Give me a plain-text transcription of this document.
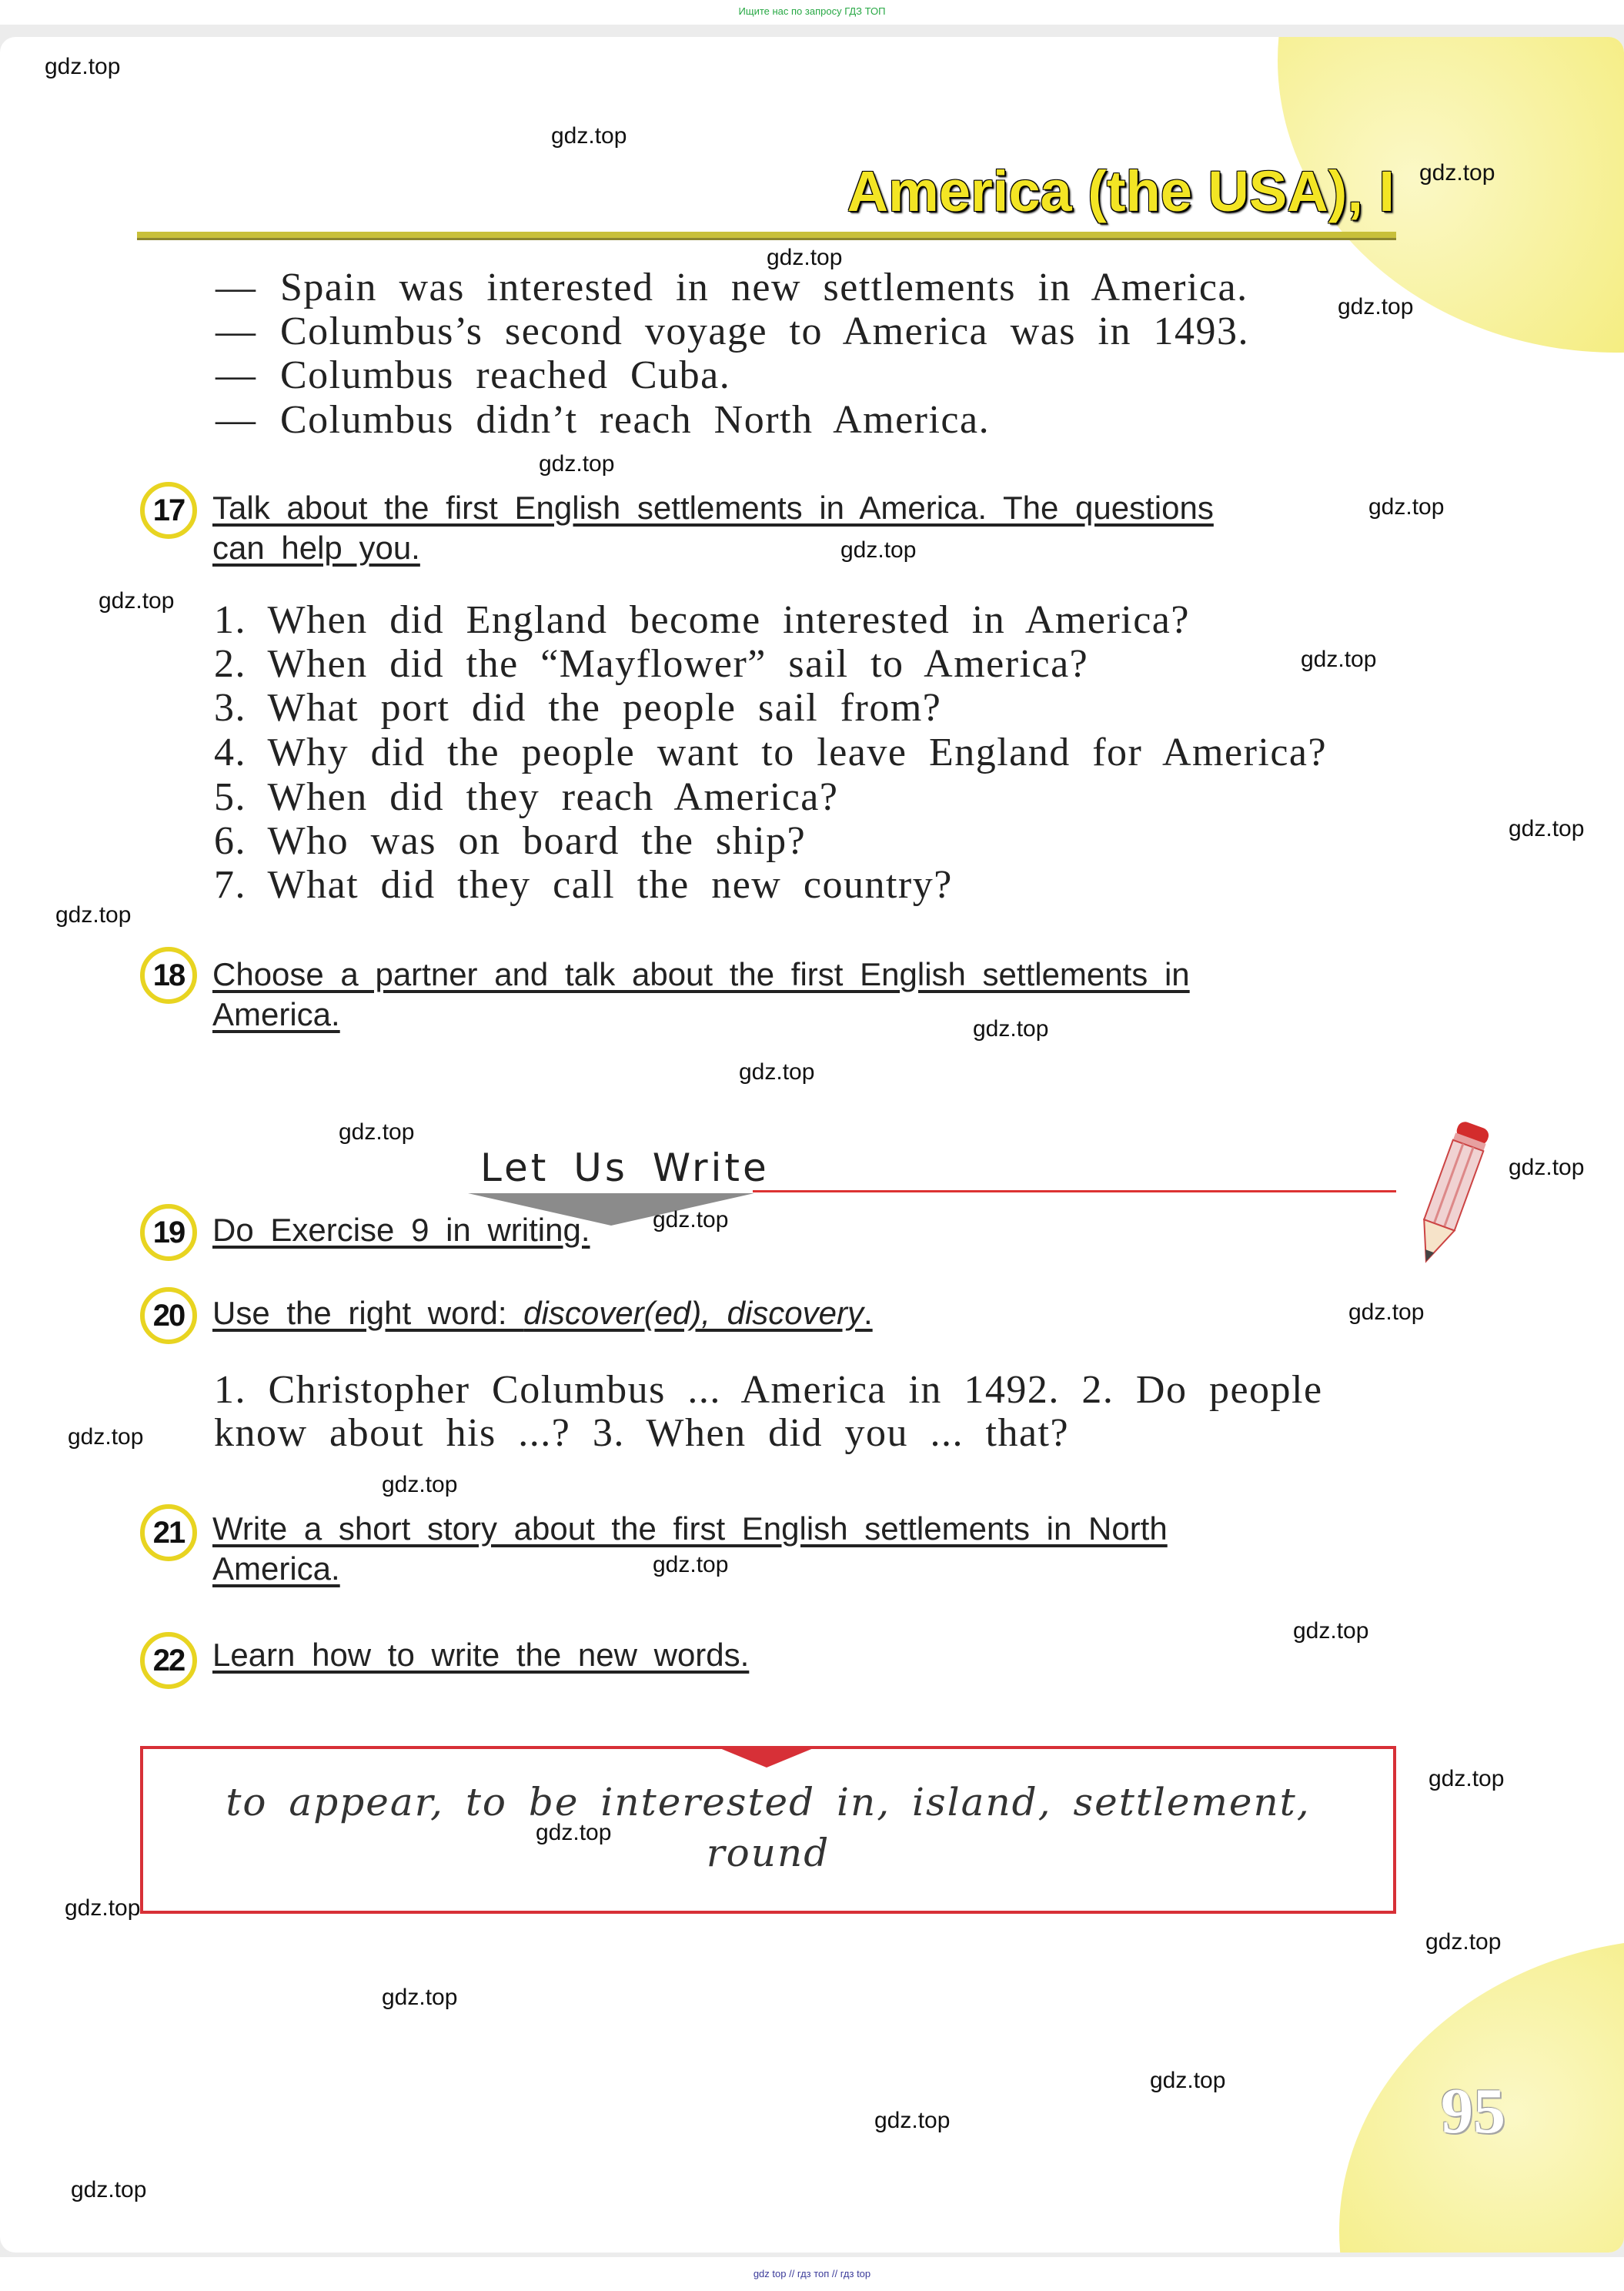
Ищите нас по запросу ГДЗ ТОП
America (the USA), I
— Spain was interested in new settlements in America.
— Columbus’s second voyage to America was in 1493.
— Columbus reached Cuba.
— Columbus didn’t reach North America.
17 Talk about the first English settlements in America. The questions
can help you.
1. When did England become interested in America?
2. When did the “Mayflower” sail to America?
3. What port did the people sail from?
4. Why did the people want to leave England for America?
5. When did they reach America?
6. Who was on board the ship?
7. What did they call the new country?
18 Choose a partner and talk about the first English settlements in
America.
Let Us Write
19 Do Exercise 9 in writing.
20 Use the right word: discover(ed), discovery.
1. Christopher Columbus ... America in 1492. 2. Do people
know about his ...? 3. When did you ... that?
21 Write a short story about the first English settlements in North
America.
22 Learn how to write the new words.
to appear, to be interested in, island, settlement,
round
95
gdz.top
gdz.top
gdz.top
gdz.top
gdz.top
gdz.top
gdz.top
gdz.top
gdz.top
gdz.top
gdz.top
gdz.top
gdz.top
gdz.top
gdz.top
gdz.top
gdz.top
gdz.top
gdz.top
gdz.top
gdz.top
gdz.top
gdz.top
gdz.top
gdz.top
gdz.top
gdz.top
gdz.top
gdz.top
gdz.top
gdz top // гдз топ // гдз top
